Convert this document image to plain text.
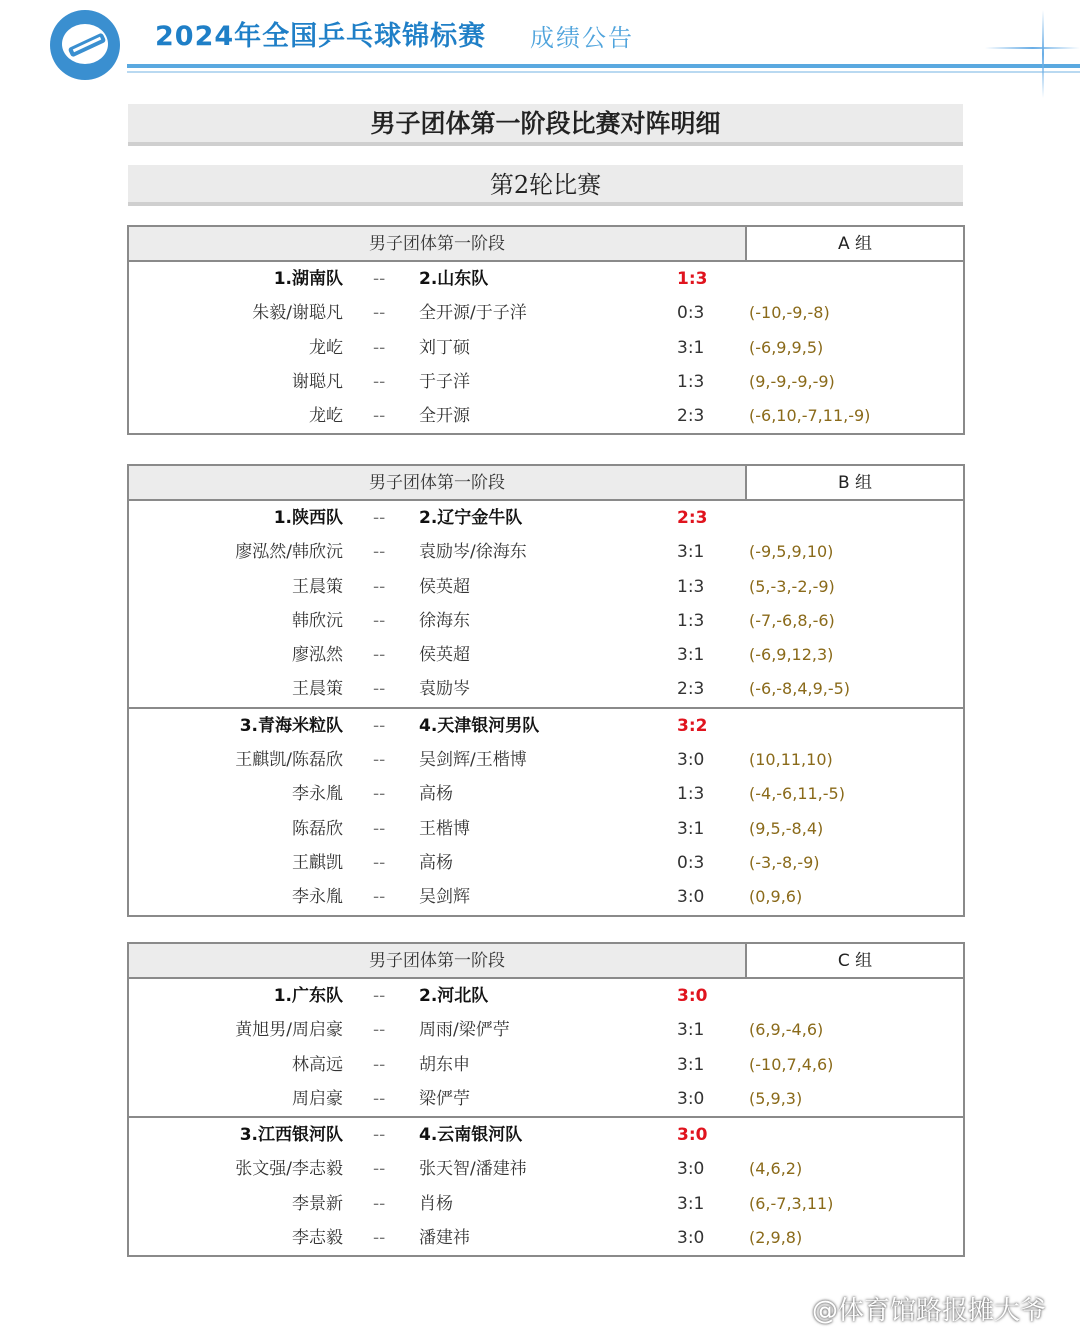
2024年全国乒乓球锦标赛 成绩公告
男子团体第一阶段比赛对阵明细
第2轮比赛
男子团体第一阶段	A 组
1.湖南队 -- 2.山东队	1:3
朱毅/谢聪凡 -- 全开源/于子洋	0:3	(-10,-9,-8)
龙屹 -- 刘丁硕	3:1	(-6,9,9,5)
谢聪凡 -- 于子洋	1:3	(9,-9,-9,-9)
龙屹 -- 全开源	2:3	(-6,10,-7,11,-9)
男子团体第一阶段	B 组
1.陕西队 -- 2.辽宁金牛队	2:3
廖泓然/韩欣沅 -- 袁励岑/徐海东	3:1	(-9,5,9,10)
王晨策 -- 侯英超	1:3	(5,-3,-2,-9)
韩欣沅 -- 徐海东	1:3	(-7,-6,8,-6)
廖泓然 -- 侯英超	3:1	(-6,9,12,3)
王晨策 -- 袁励岑	2:3	(-6,-8,4,9,-5)
3.青海米粒队 -- 4.天津银河男队	3:2
王麒凯/陈磊欣 -- 吴剑辉/王楷博	3:0	(10,11,10)
李永胤 -- 高杨	1:3	(-4,-6,11,-5)
陈磊欣 -- 王楷博	3:1	(9,5,-8,4)
王麒凯 -- 高杨	0:3	(-3,-8,-9)
李永胤 -- 吴剑辉	3:0	(0,9,6)
男子团体第一阶段	C 组
1.广东队 -- 2.河北队	3:0
黄旭男/周启豪 -- 周雨/梁俨苧	3:1	(6,9,-4,6)
林高远 -- 胡东申	3:1	(-10,7,4,6)
周启豪 -- 梁俨苧	3:0	(5,9,3)
3.江西银河队 -- 4.云南银河队	3:0
张文强/李志毅 -- 张天智/潘建祎	3:0	(4,6,2)
李景新 -- 肖杨	3:1	(6,-7,3,11)
李志毅 -- 潘建祎	3:0	(2,9,8)
@体育馆路报摊大爷
